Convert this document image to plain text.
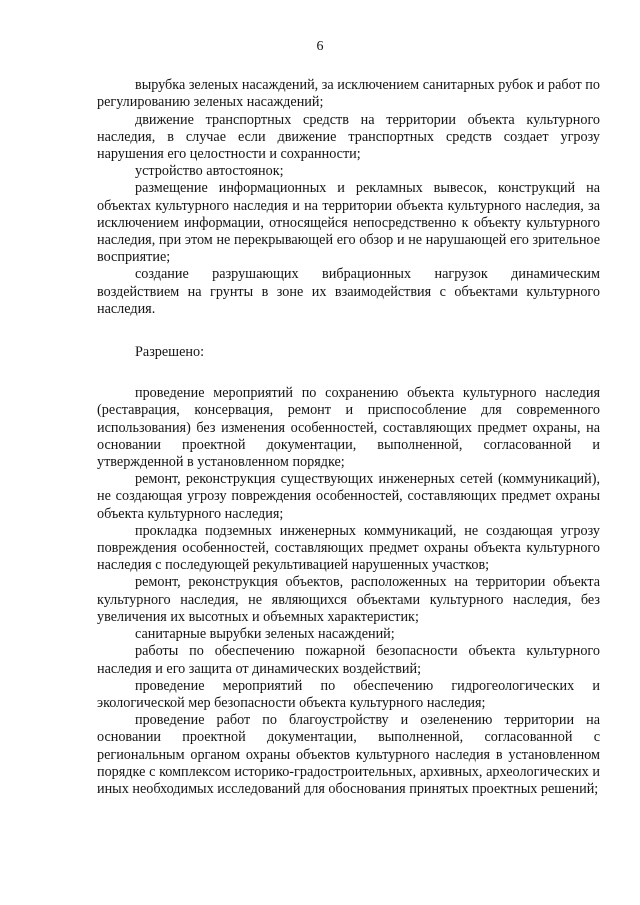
6

вырубка зеленых насаждений, за исключением санитарных рубок и работ по регулированию зеленых насаждений;

движение транспортных средств на территории объекта культурного наследия, в случае если движение транспортных средств создает угрозу нарушения его целостности и сохранности;

устройство автостоянок;

размещение информационных и рекламных вывесок, конструкций на объектах культурного наследия и на территории объекта культурного наследия, за исключением информации, относящейся непосредственно к объекту культурного наследия, при этом не перекрывающей его обзор и не нарушающей его зрительное восприятие;

создание разрушающих вибрационных нагрузок динамическим воздействием на грунты в зоне их взаимодействия с объектами культурного наследия.

Разрешено:

проведение мероприятий по сохранению объекта культурного наследия (реставрация, консервация, ремонт и приспособление для современного использования) без изменения особенностей, составляющих предмет охраны, на основании проектной документации, выполненной, согласованной и утвержденной в установленном порядке;

ремонт, реконструкция существующих инженерных сетей (коммуникаций), не создающая угрозу повреждения особенностей, составляющих предмет охраны объекта культурного наследия;

прокладка подземных инженерных коммуникаций, не создающая угрозу повреждения особенностей, составляющих предмет охраны объекта культурного наследия с последующей рекультивацией нарушенных участков;

ремонт, реконструкция объектов, расположенных на территории объекта культурного наследия, не являющихся объектами культурного наследия, без увеличения их высотных и объемных характеристик;

санитарные вырубки зеленых насаждений;

работы по обеспечению пожарной безопасности объекта культурного наследия и его защита от динамических воздействий;

проведение мероприятий по обеспечению гидрогеологических и экологической мер безопасности объекта культурного наследия;

проведение работ по благоустройству и озеленению территории на основании проектной документации, выполненной, согласованной с региональным органом охраны объектов культурного наследия в установленном порядке с комплексом историко-градостроительных, архивных, археологических и иных необходимых исследований для обоснования принятых проектных решений;
